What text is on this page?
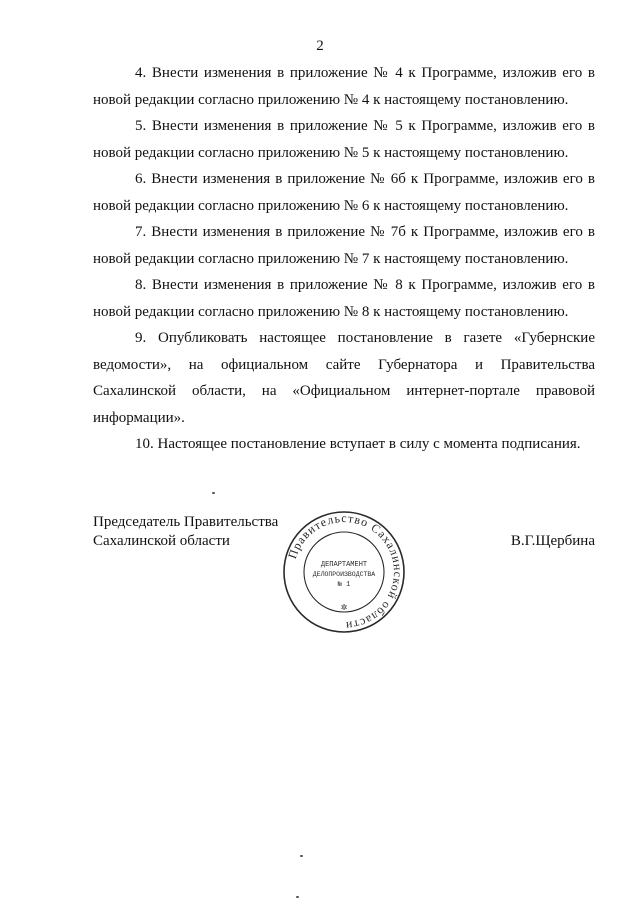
2

4. Внести изменения в приложение № 4 к Программе, изложив его в новой редакции согласно приложению № 4 к настоящему постановлению.

5. Внести изменения в приложение № 5 к Программе, изложив его в новой редакции согласно приложению № 5 к настоящему постановлению.

6. Внести изменения в приложение № 6б к Программе, изложив его в новой редакции согласно приложению № 6 к настоящему постановлению.

7. Внести изменения в приложение № 7б к Программе, изложив его в новой редакции согласно приложению № 7 к настоящему постановлению.

8. Внести изменения в приложение № 8 к Программе, изложив его в новой редакции согласно приложению № 8 к настоящему постановлению.

9. Опубликовать настоящее постановление в газете «Губернские ведомости», на официальном сайте Губернатора и Правительства Сахалинской области, на «Официальном интернет-портале правовой информации».

10. Настоящее постановление вступает в силу с момента подписания.

Председатель Правительства
Сахалинской области
Правительство Сахалинской области
ДЕПАРТАМЕНТ
ДЕЛОПРОИЗВОДСТВА
№ 1
✲
В.Г.Щербина
